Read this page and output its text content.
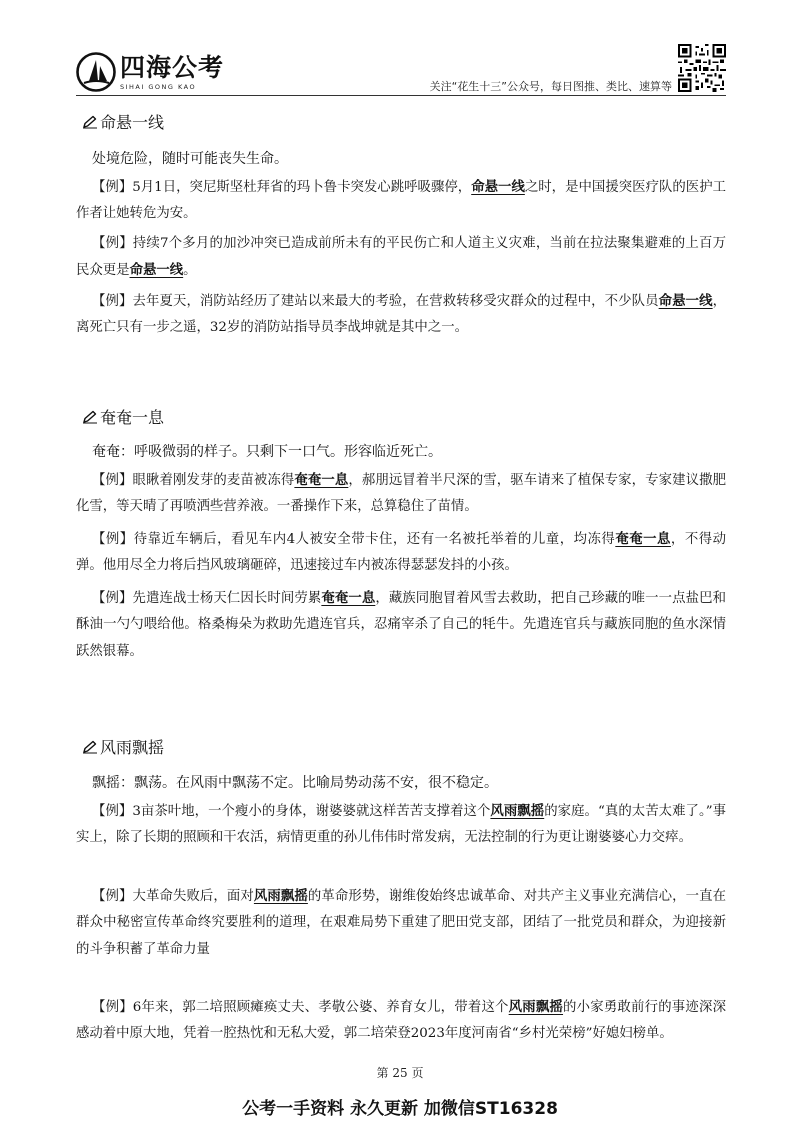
四海公考
SIHAI GONG KAO	关注“花生十三”公众号，每日图推、类比、速算等
命悬一线
处境危险，随时可能丧失生命。

【例】5月1日，突尼斯坚杜拜省的玛卜鲁卡突发心跳呼吸骤停，命悬一线之时，是中国援突医疗队的医护工作者让她转危为安。

【例】持续7个多月的加沙冲突已造成前所未有的平民伤亡和人道主义灾难，当前在拉法聚集避难的上百万民众更是命悬一线。

【例】去年夏天，消防站经历了建站以来最大的考验，在营救转移受灾群众的过程中，不少队员命悬一线，离死亡只有一步之遥，32岁的消防站指导员李战坤就是其中之一。

奄奄一息
奄奄：呼吸微弱的样子。只剩下一口气。形容临近死亡。

【例】眼瞅着刚发芽的麦苗被冻得奄奄一息，郝朋远冒着半尺深的雪，驱车请来了植保专家，专家建议撒肥化雪，等天晴了再喷洒些营养液。一番操作下来，总算稳住了苗情。

【例】待靠近车辆后，看见车内4人被安全带卡住，还有一名被托举着的儿童，均冻得奄奄一息，不得动弹。他用尽全力将后挡风玻璃砸碎，迅速接过车内被冻得瑟瑟发抖的小孩。

【例】先遣连战士杨天仁因长时间劳累奄奄一息，藏族同胞冒着风雪去救助，把自己珍藏的唯一一点盐巴和酥油一勺勺喂给他。格桑梅朵为救助先遣连官兵，忍痛宰杀了自己的牦牛。先遣连官兵与藏族同胞的鱼水深情跃然银幕。

风雨飘摇
飘摇：飘荡。在风雨中飘荡不定。比喻局势动荡不安，很不稳定。

【例】3亩茶叶地，一个瘦小的身体，谢婆婆就这样苦苦支撑着这个风雨飘摇的家庭。“真的太苦太难了。”事实上，除了长期的照顾和干农活，病情更重的孙儿伟伟时常发病，无法控制的行为更让谢婆婆心力交瘁。

【例】大革命失败后，面对风雨飘摇的革命形势，谢维俊始终忠诚革命、对共产主义事业充满信心，一直在群众中秘密宣传革命终究要胜利的道理，在艰难局势下重建了肥田党支部，团结了一批党员和群众，为迎接新的斗争积蓄了革命力量

【例】6年来，郭二培照顾瘫痪丈夫、孝敬公婆、养育女儿，带着这个风雨飘摇的小家勇敢前行的事迹深深感动着中原大地，凭着一腔热忱和无私大爱，郭二培荣登2023年度河南省“乡村光荣榜”好媳妇榜单。

第 25 页
公考一手资料 永久更新 加微信ST16328
